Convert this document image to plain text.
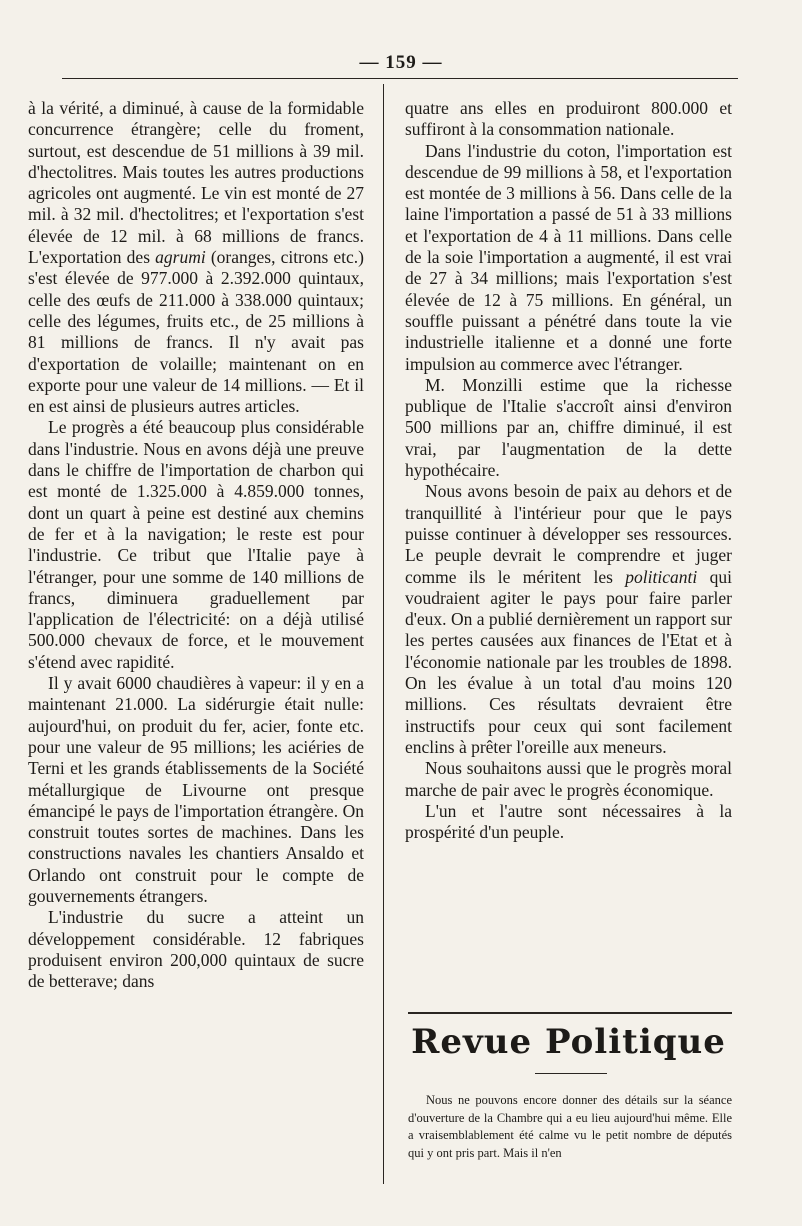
— 159 —

à la vérité, a diminué, à cause de la formidable concurrence étrangère; celle du froment, surtout, est descendue de 51 millions à 39 mil. d'hectolitres. Mais toutes les autres productions agricoles ont augmenté. Le vin est monté de 27 mil. à 32 mil. d'hectolitres; et l'exportation s'est élevée de 12 mil. à 68 millions de francs. L'exportation des agrumi (oranges, citrons etc.) s'est élevée de 977.000 à 2.392.000 quintaux, celle des œufs de 211.000 à 338.000 quintaux; celle des légumes, fruits etc., de 25 millions à 81 millions de francs. Il n'y avait pas d'exportation de volaille; maintenant on en exporte pour une valeur de 14 millions. — Et il en est ainsi de plusieurs autres articles.

Le progrès a été beaucoup plus considérable dans l'industrie. Nous en avons déjà une preuve dans le chiffre de l'importation de charbon qui est monté de 1.325.000 à 4.859.000 tonnes, dont un quart à peine est destiné aux chemins de fer et à la navigation; le reste est pour l'industrie. Ce tribut que l'Italie paye à l'étranger, pour une somme de 140 millions de francs, diminuera graduellement par l'application de l'électricité: on a déjà utilisé 500.000 chevaux de force, et le mouvement s'étend avec rapidité.

Il y avait 6000 chaudières à vapeur: il y en a maintenant 21.000. La sidérurgie était nulle: aujourd'hui, on produit du fer, acier, fonte etc. pour une valeur de 95 millions; les aciéries de Terni et les grands établissements de la Société métallurgique de Livourne ont presque émancipé le pays de l'importation étrangère. On construit toutes sortes de machines. Dans les constructions navales les chantiers Ansaldo et Orlando ont construit pour le compte de gouvernements étrangers.

L'industrie du sucre a atteint un développement considérable. 12 fabriques produisent environ 200,000 quintaux de sucre de betterave; dans

quatre ans elles en produiront 800.000 et suffiront à la consommation nationale.

Dans l'industrie du coton, l'importation est descendue de 99 millions à 58, et l'exportation est montée de 3 millions à 56. Dans celle de la laine l'importation a passé de 51 à 33 millions et l'exportation de 4 à 11 millions. Dans celle de la soie l'importation a augmenté, il est vrai de 27 à 34 millions; mais l'exportation s'est élevée de 12 à 75 millions. En général, un souffle puissant a pénétré dans toute la vie industrielle italienne et a donné une forte impulsion au commerce avec l'étranger.

M. Monzilli estime que la richesse publique de l'Italie s'accroît ainsi d'environ 500 millions par an, chiffre diminué, il est vrai, par l'augmentation de la dette hypothécaire.

Nous avons besoin de paix au dehors et de tranquillité à l'intérieur pour que le pays puisse continuer à développer ses ressources. Le peuple devrait le comprendre et juger comme ils le méritent les politicanti qui voudraient agiter le pays pour faire parler d'eux. On a publié dernièrement un rapport sur les pertes causées aux finances de l'Etat et à l'économie nationale par les troubles de 1898. On les évalue à un total d'au moins 120 millions. Ces résultats devraient être instructifs pour ceux qui sont facilement enclins à prêter l'oreille aux meneurs.

Nous souhaitons aussi que le progrès moral marche de pair avec le progrès économique.

L'un et l'autre sont nécessaires à la prospérité d'un peuple.

Revue Politique

Nous ne pouvons encore donner des détails sur la séance d'ouverture de la Chambre qui a eu lieu aujourd'hui même. Elle a vraisemblablement été calme vu le petit nombre de députés qui y ont pris part. Mais il n'en
